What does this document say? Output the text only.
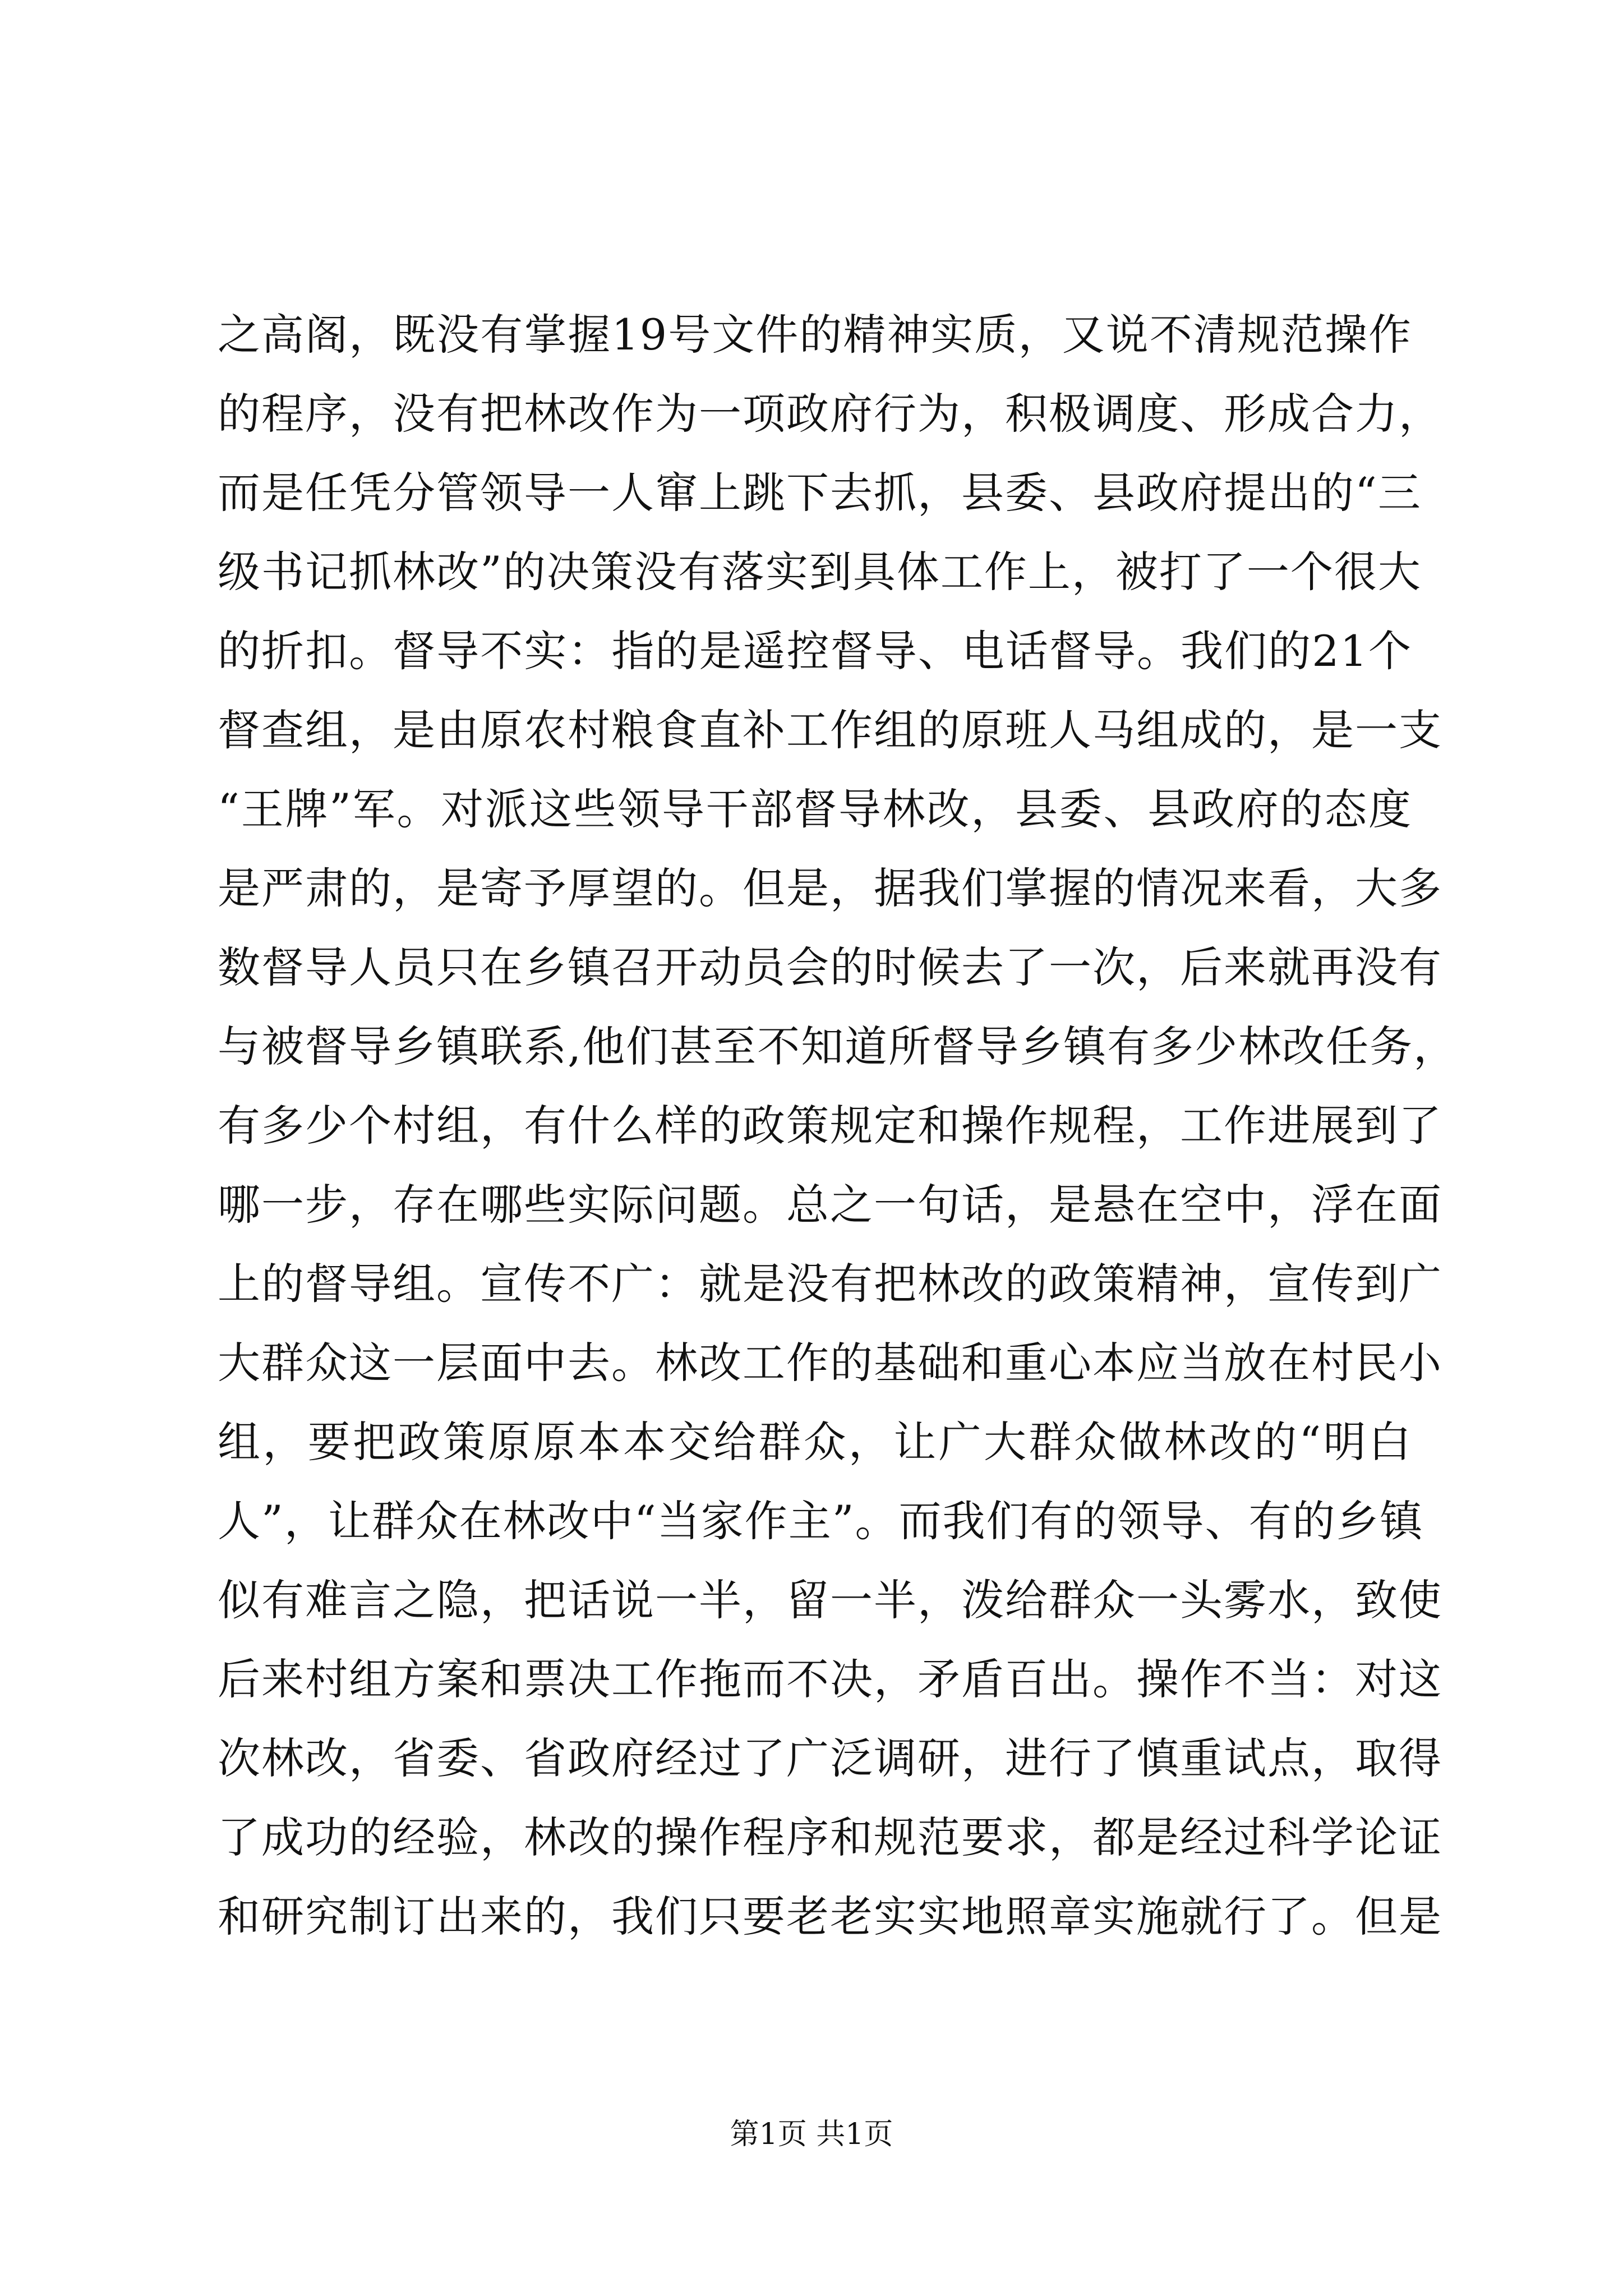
之高阁，既没有掌握19号文件的精神实质，又说不清规范操作
的程序，没有把林改作为一项政府行为，积极调度、形成合力，
而是任凭分管领导一人窜上跳下去抓，县委、县政府提出的“三
级书记抓林改”的决策没有落实到具体工作上，被打了一个很大
的折扣。督导不实：指的是遥控督导、电话督导。我们的21个
督查组，是由原农村粮食直补工作组的原班人马组成的，是一支
“王牌”军。对派这些领导干部督导林改，县委、县政府的态度
是严肃的，是寄予厚望的。但是，据我们掌握的情况来看，大多
数督导人员只在乡镇召开动员会的时候去了一次，后来就再没有
与被督导乡镇联系,他们甚至不知道所督导乡镇有多少林改任务，
有多少个村组，有什么样的政策规定和操作规程，工作进展到了
哪一步，存在哪些实际问题。总之一句话，是悬在空中，浮在面
上的督导组。宣传不广：就是没有把林改的政策精神，宣传到广
大群众这一层面中去。林改工作的基础和重心本应当放在村民小
组，要把政策原原本本交给群众，让广大群众做林改的“明白
人”，让群众在林改中“当家作主”。而我们有的领导、有的乡镇
似有难言之隐，把话说一半，留一半，泼给群众一头雾水，致使
后来村组方案和票决工作拖而不决，矛盾百出。操作不当：对这
次林改，省委、省政府经过了广泛调研，进行了慎重试点，取得
了成功的经验，林改的操作程序和规范要求，都是经过科学论证
和研究制订出来的，我们只要老老实实地照章实施就行了。但是
第1页 共1页
